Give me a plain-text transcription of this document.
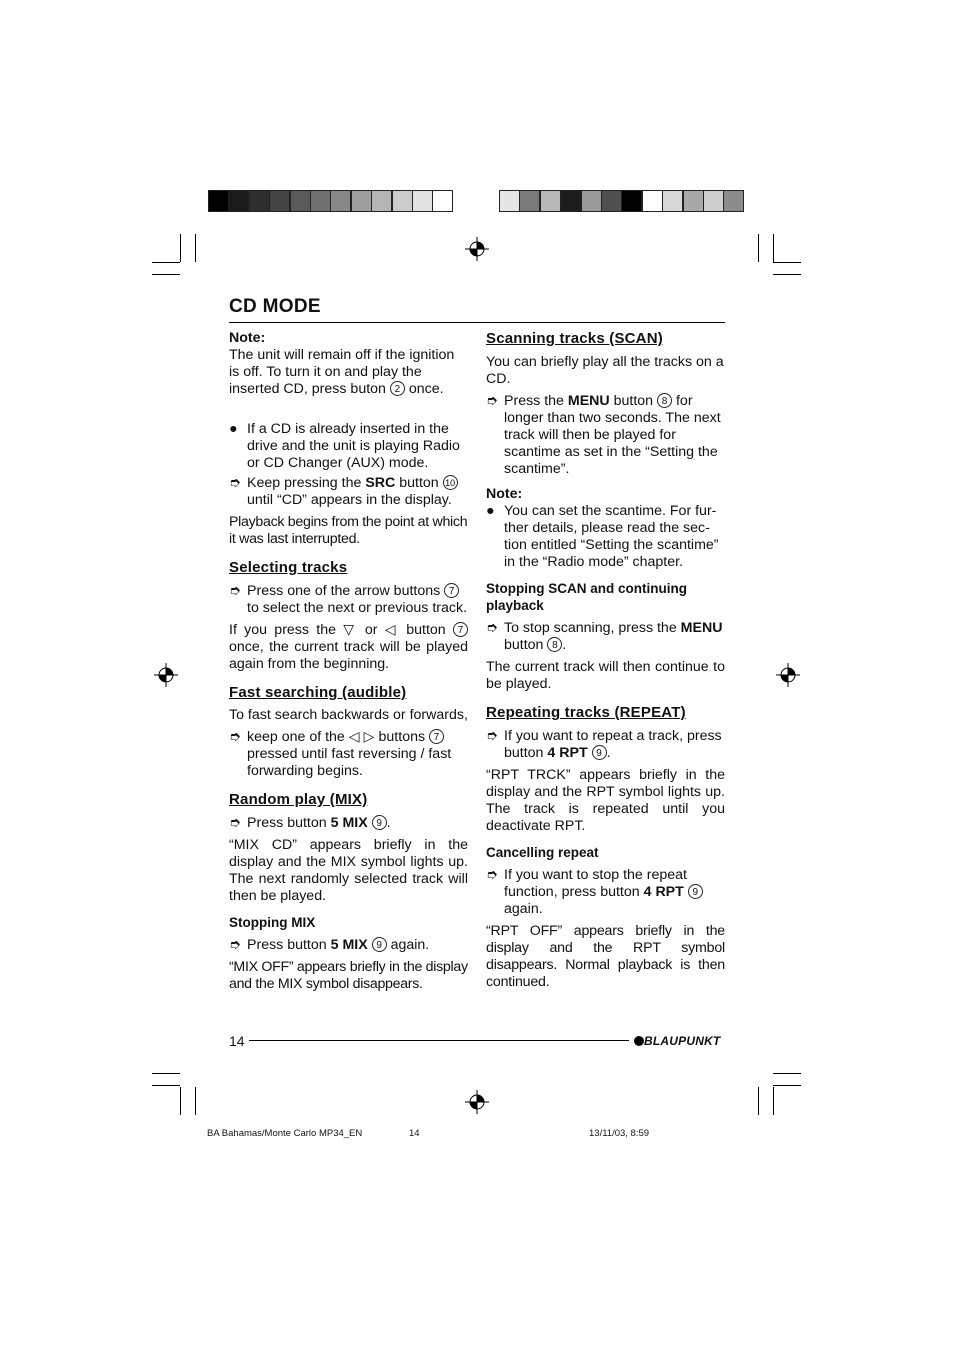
CD MODE

Note:

The unit will remain off if the ignition is off. To turn it on and play the inserted CD, press buton 2 once.

● If a CD is already inserted in the drive and the unit is playing Radio or CD Changer (AUX) mode.

➮ Keep pressing the SRC button 10 until “CD” appears in the display.

Playback begins from the point at which it was last interrupted.

Selecting tracks

➮ Press one of the arrow buttons 7 to select the next or previous track.

If you press the ▽ or ◁ button 7 once, the current track will be played again from the beginning.

Fast searching (audible)

To fast search backwards or forwards,

➮ keep one of the ◁ ▷ buttons 7 pressed until fast reversing / fast forwarding begins.

Random play (MIX)

➮ Press button 5 MIX 9 .

“MIX CD” appears briefly in the display and the MIX symbol lights up. The next randomly selected track will then be played.

Stopping MIX

➮ Press button 5 MIX 9 again.

“MIX OFF” appears briefly in the display and the MIX symbol disappears.

Scanning tracks (SCAN)

You can briefly play all the tracks on a CD.

➮ Press the MENU button 8 for longer than two seconds. The next track will then be played for scantime as set in the “Setting the scantime”.

Note:

● You can set the scantime. For fur-ther details, please read the sec-tion entitled “Setting the scantime” in the “Radio mode” chapter.

Stopping SCAN and continuing playback

➮ To stop scanning, press the MENU button 8 .

The current track will then continue to be played.

Repeating tracks (REPEAT)

➮ If you want to repeat a track, press button 4 RPT 9 .

“RPT TRCK” appears briefly in the display and the RPT symbol lights up. The track is repeated until you deactivate RPT.

Cancelling repeat

➮ If you want to stop the repeat function, press button 4 RPT 9 again.

“RPT OFF” appears briefly in the display and the RPT symbol disappears. Normal playback is then continued.

14	BLAUPUNKT
BA Bahamas/Monte Carlo MP34_EN	14	13/11/03, 8:59
